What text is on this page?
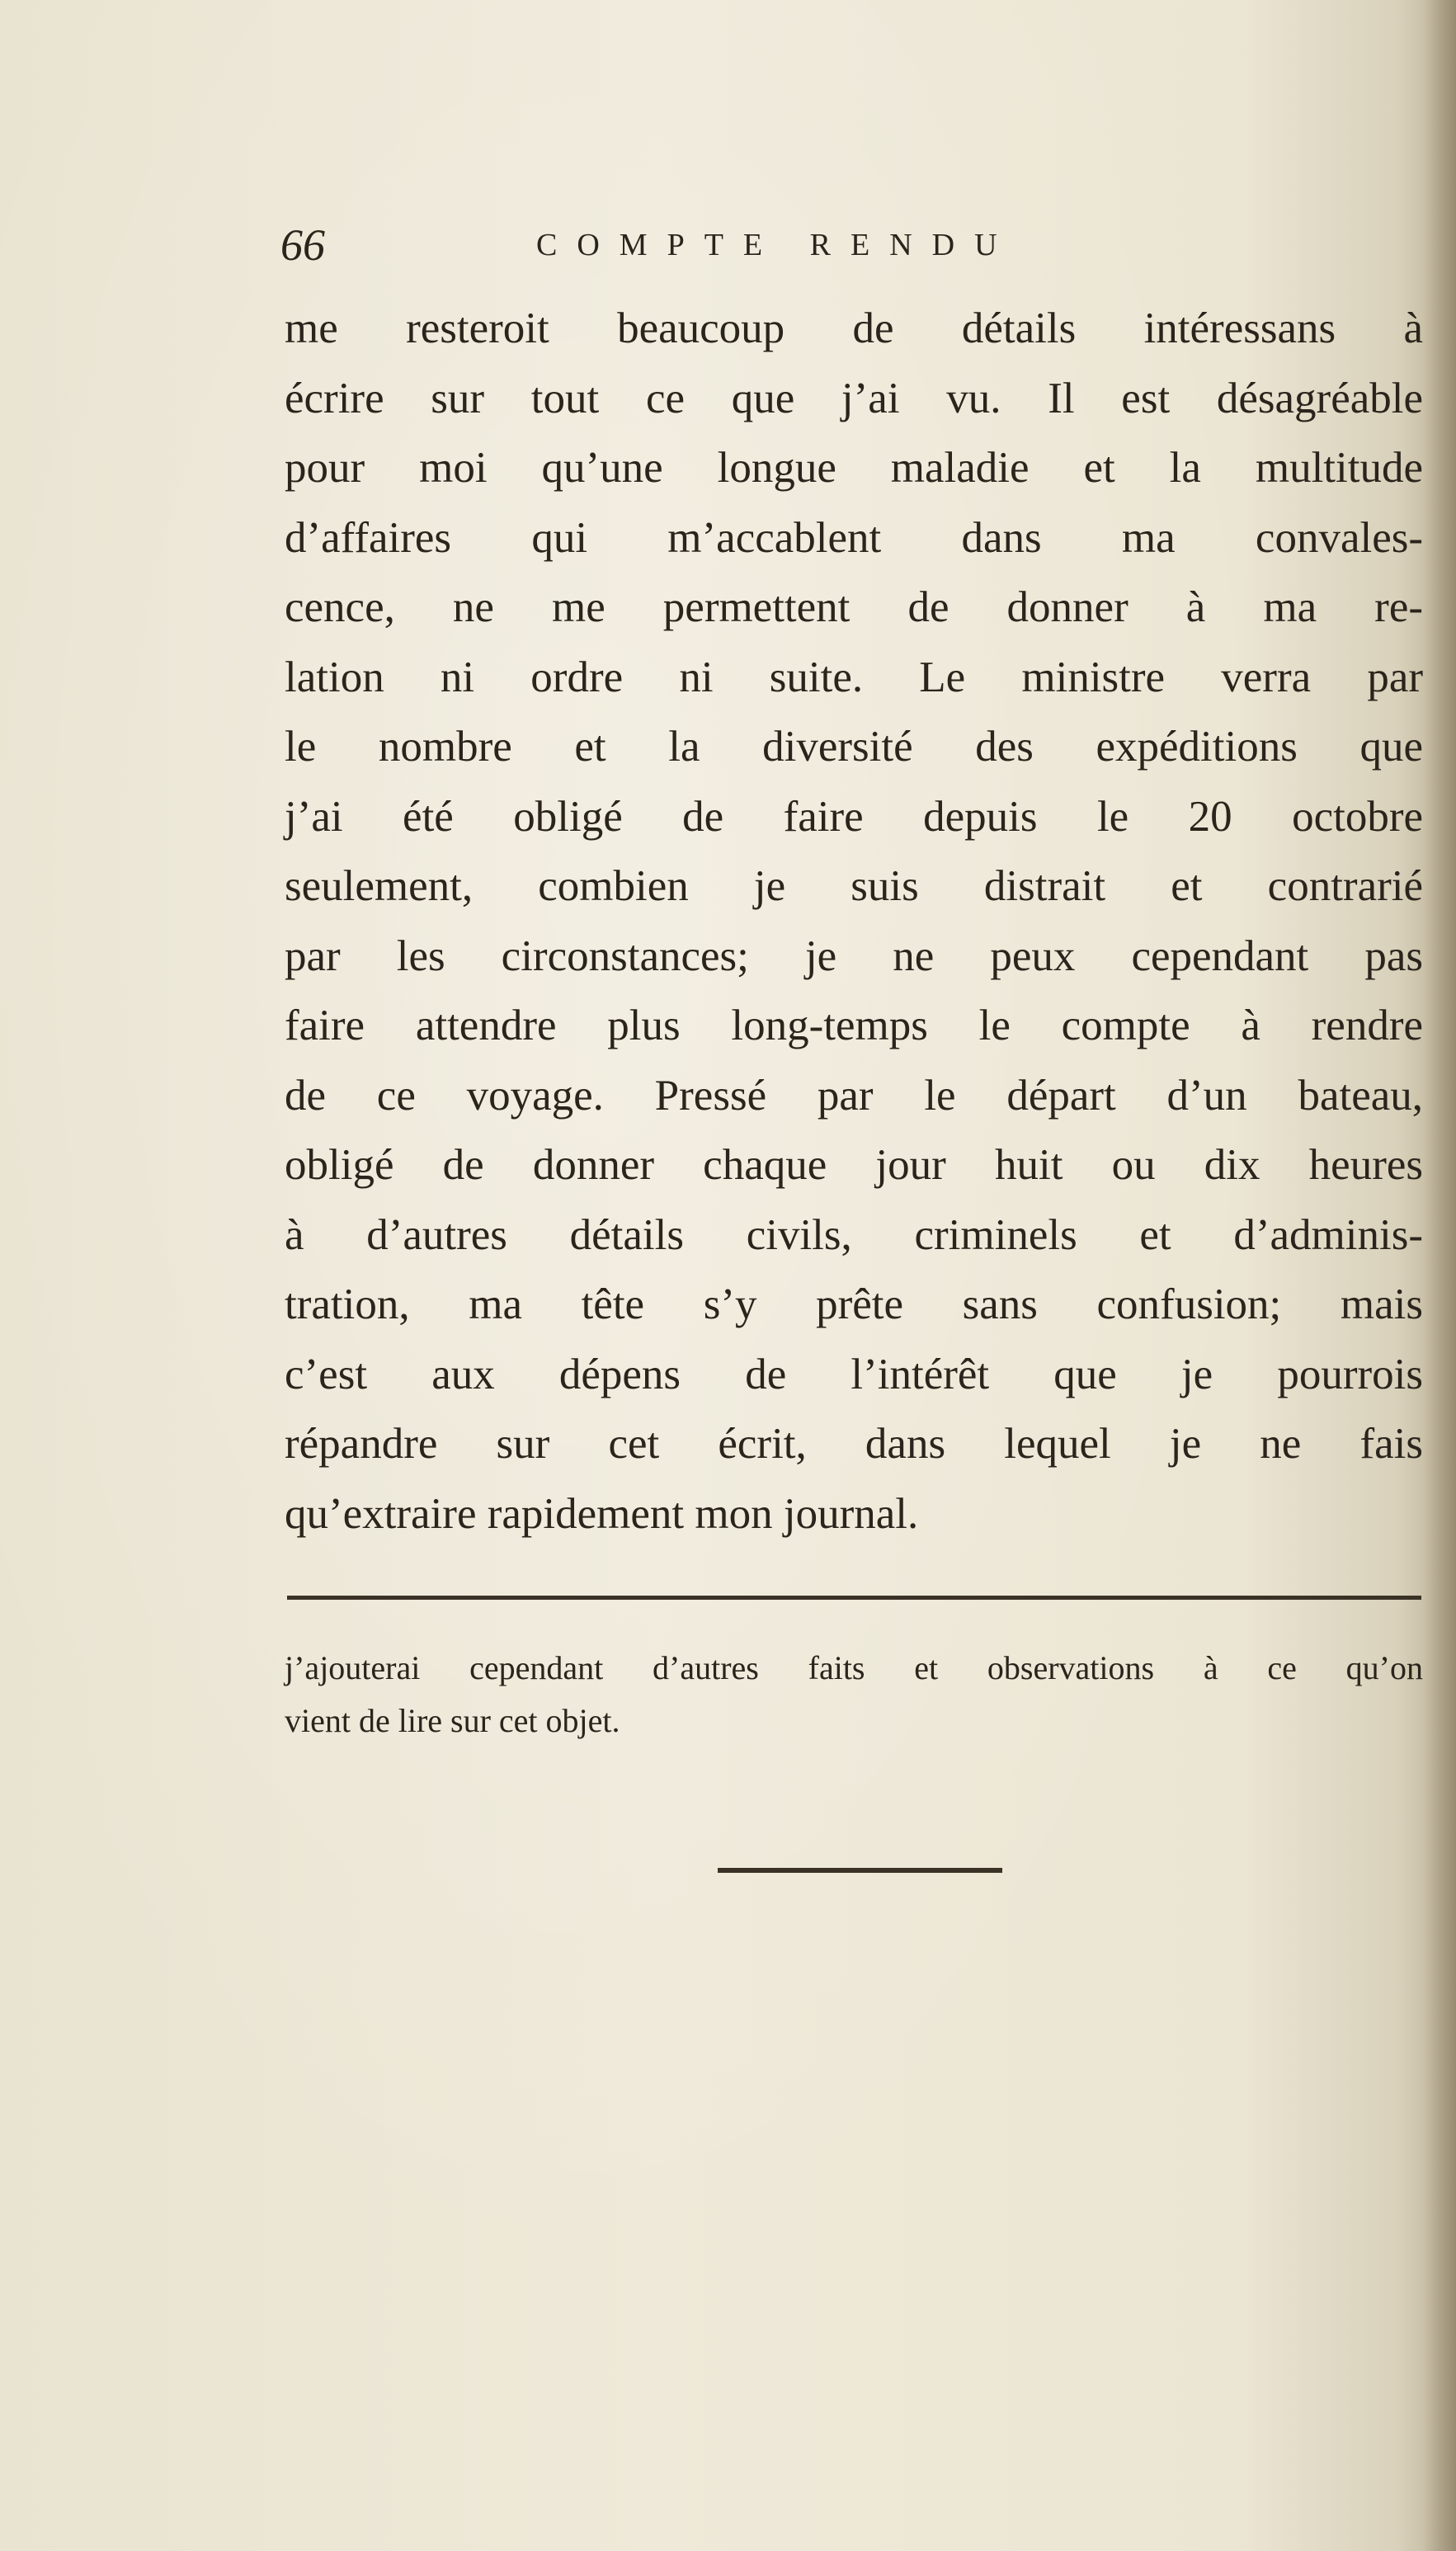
66	COMPTE RENDU
me resteroit beaucoup de détails intéressans à
écrire sur tout ce que j’ai vu. Il est désagréable
pour moi qu’une longue maladie et la multitude
d’affaires qui m’accablent dans ma convales-
cence, ne me permettent de donner à ma re-
lation ni ordre ni suite. Le ministre verra par
le nombre et la diversité des expéditions que
j’ai été obligé de faire depuis le 20 octobre
seulement, combien je suis distrait et contrarié
par les circonstances; je ne peux cependant pas
faire attendre plus long-temps le compte à rendre
de ce voyage. Pressé par le départ d’un bateau,
obligé de donner chaque jour huit ou dix heures
à d’autres détails civils, criminels et d’adminis-
tration, ma tête s’y prête sans confusion; mais
c’est aux dépens de l’intérêt que je pourrois
répandre sur cet écrit, dans lequel je ne fais
qu’extraire rapidement mon journal.
j’ajouterai cependant d’autres faits et observations à ce qu’on
vient de lire sur cet objet.
